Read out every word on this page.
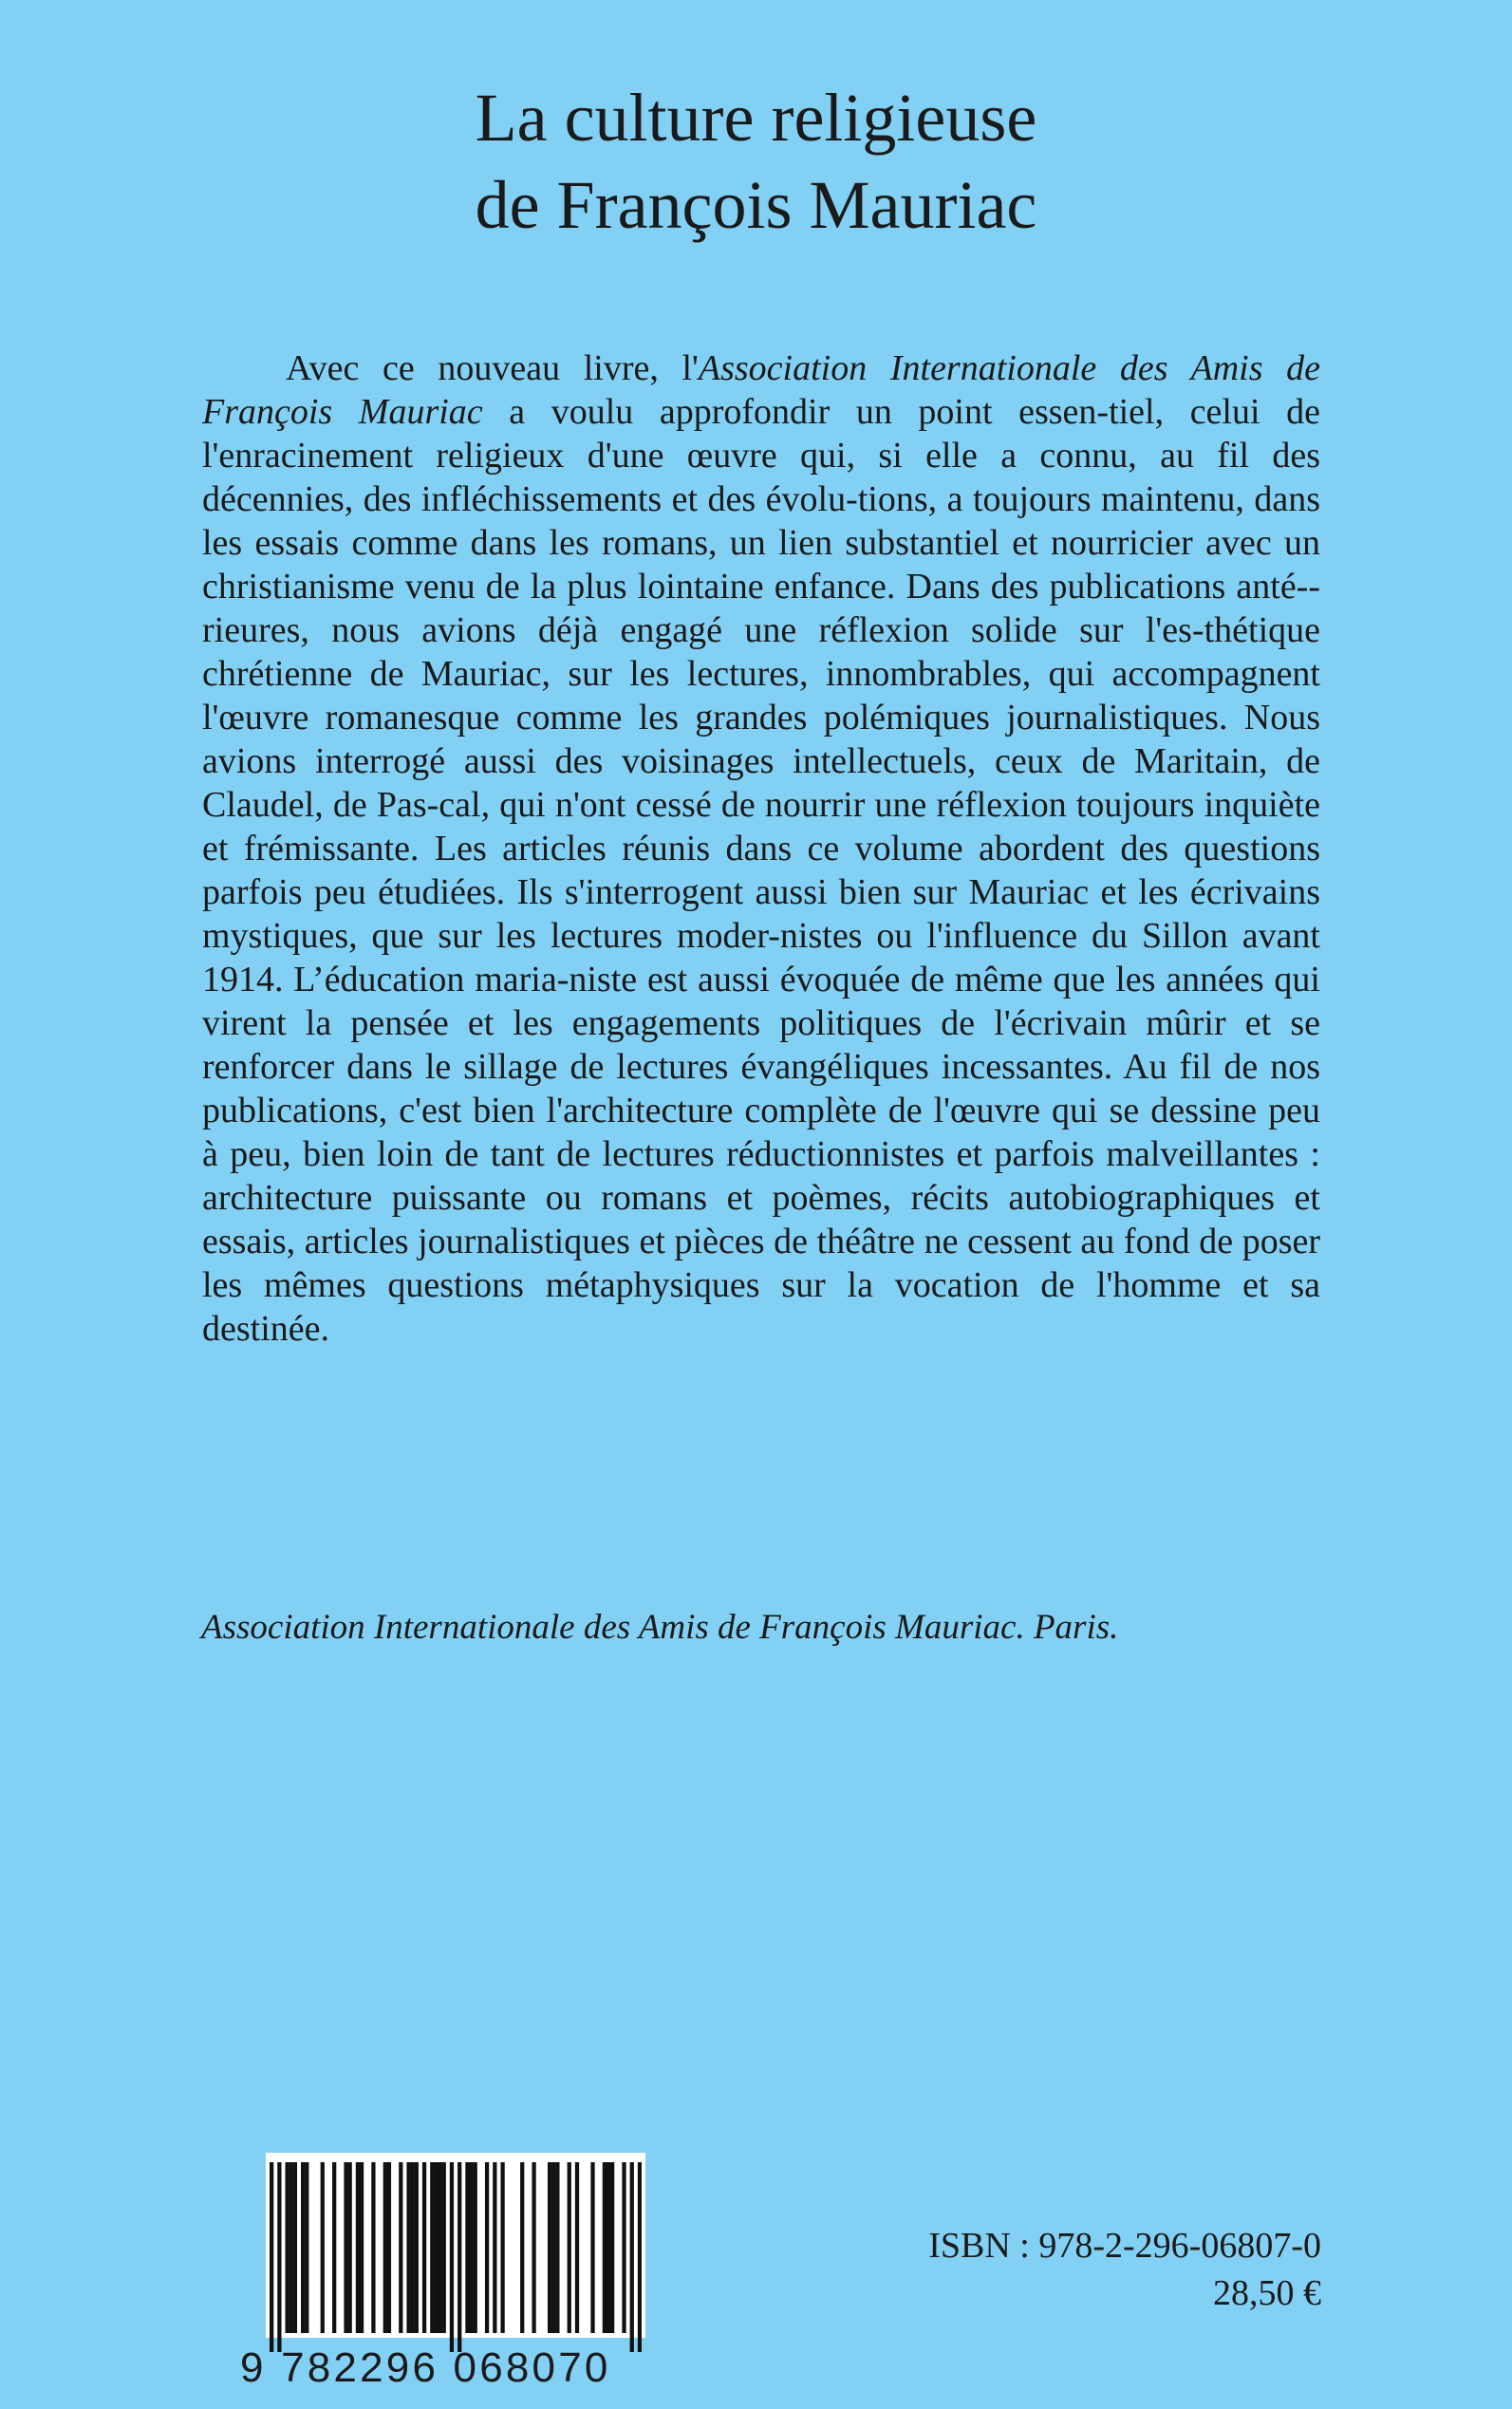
La culture religieuse
de François Mauriac

Avec ce nouveau livre, l'Association Internationale des Amis de François Mauriac a voulu approfondir un point essen-tiel, celui de l'enracinement religieux d'une œuvre qui, si elle a connu, au fil des décennies, des infléchissements et des évolu-tions, a toujours maintenu, dans les essais comme dans les romans, un lien substantiel et nourricier avec un christianisme venu de la plus lointaine enfance. Dans des publications anté-rieures, nous avions déjà engagé une réflexion solide sur l'es-thétique chrétienne de Mauriac, sur les lectures, innombrables, qui accompagnent l'œuvre romanesque comme les grandes polémiques journalistiques. Nous avions interrogé aussi des voisinages intellectuels, ceux de Maritain, de Claudel, de Pas-cal, qui n'ont cessé de nourrir une réflexion toujours inquiète et frémissante. Les articles réunis dans ce volume abordent des questions parfois peu étudiées. Ils s'interrogent aussi bien sur Mauriac et les écrivains mystiques, que sur les lectures moder-nistes ou l'influence du Sillon avant 1914. L’éducation maria-niste est aussi évoquée de même que les années qui virent la pensée et les engagements politiques de l'écrivain mûrir et se renforcer dans le sillage de lectures évangéliques incessantes. Au fil de nos publications, c'est bien l'architecture complète de l'œuvre qui se dessine peu à peu, bien loin de tant de lectures réductionnistes et parfois malveillantes : architecture puissante ou romans et poèmes, récits autobiographiques et essais, articles journalistiques et pièces de théâtre ne cessent au fond de poser les mêmes questions métaphysiques sur la vocation de l'homme et sa destinée.

Association Internationale des Amis de François Mauriac. Paris.

9 782296 068070

ISBN : 978-2-296-06807-0

28,50 €
